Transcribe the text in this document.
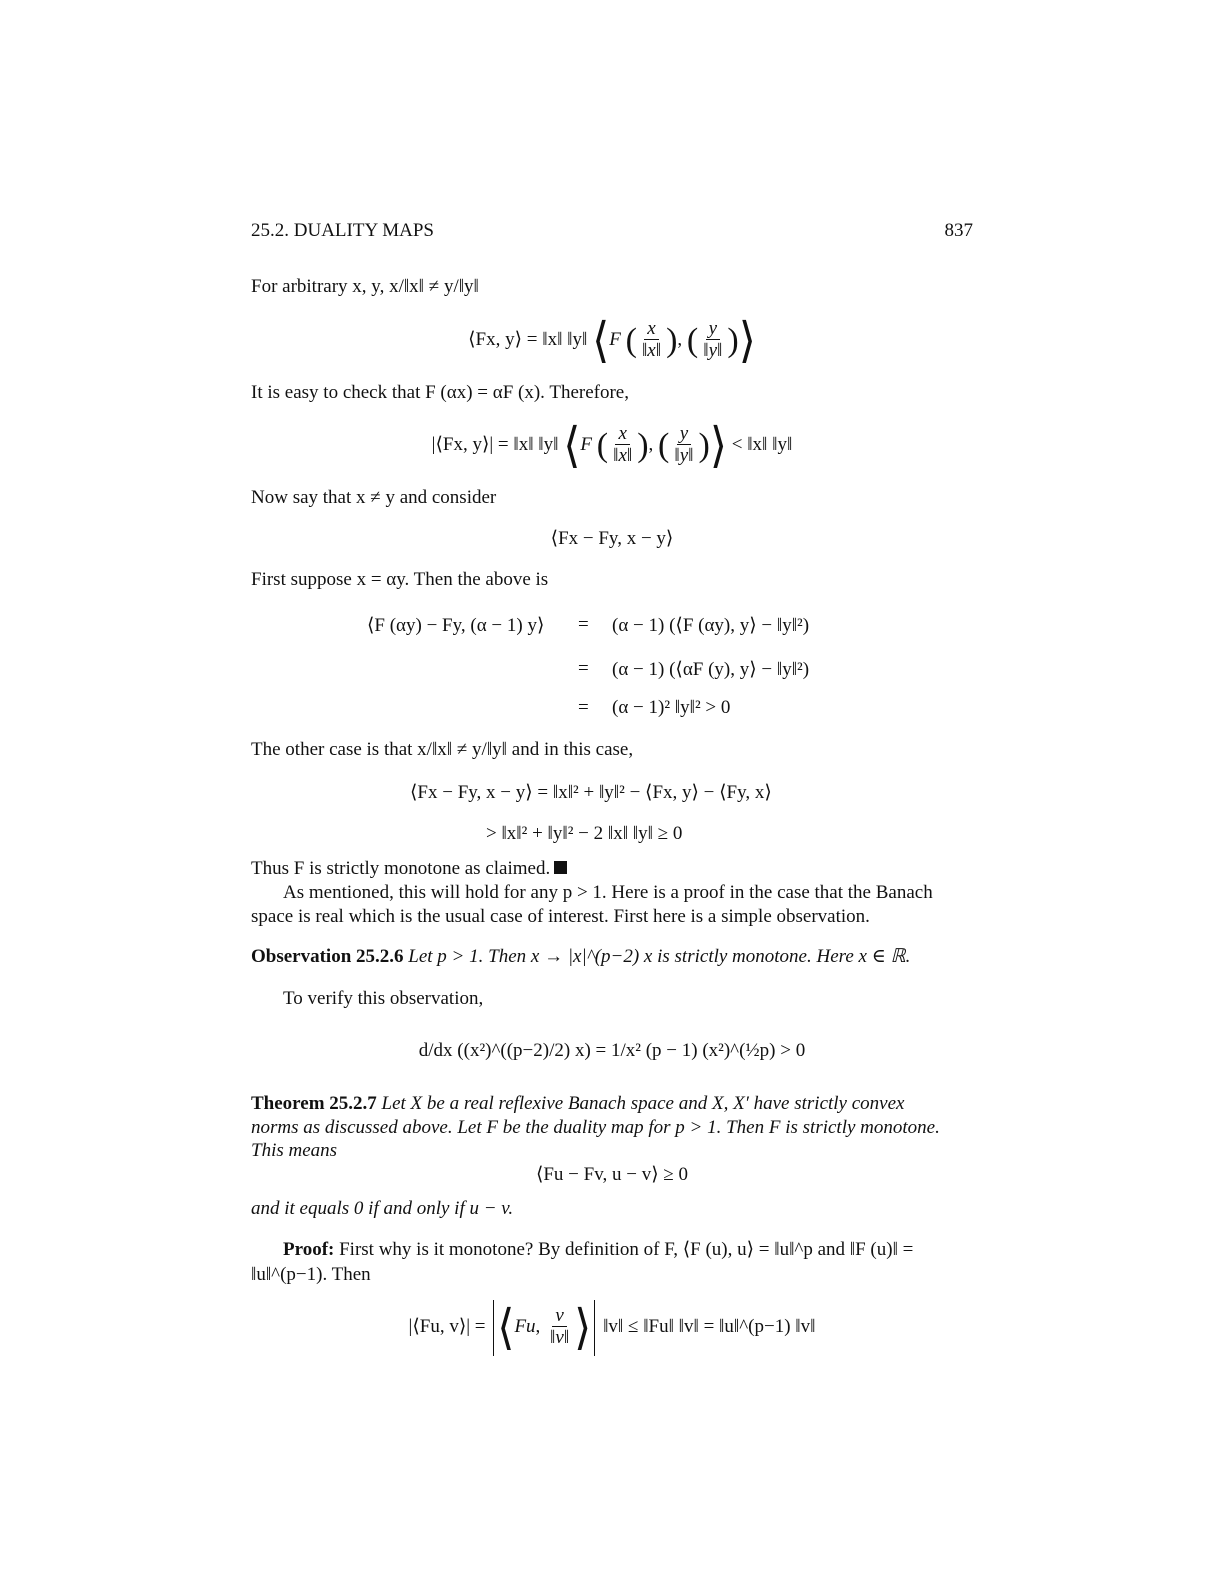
25.2. DUALITY MAPS	837
For arbitrary x, y, x/‖x‖ ≠ y/‖y‖
⟨Fx, y⟩ = ‖x‖ ‖y‖ ⟨F ( $\frac{x}{‖x‖}$ ), ( $\frac{y}{‖y‖}$ )⟩
It is easy to check that F (αx) = αF (x). Therefore,
|⟨Fx, y⟩| = ‖x‖ ‖y‖ ⟨F ( $\frac{x}{‖x‖}$ ), ( $\frac{y}{‖y‖}$ )⟩ < ‖x‖ ‖y‖
Now say that x ≠ y and consider
⟨Fx − Fy, x − y⟩
First suppose x = αy. Then the above is
⟨F (αy) − Fy, (α − 1) y⟩ = (α − 1) (⟨F (αy), y⟩ − ‖y‖²)
= (α − 1) (⟨αF (y), y⟩ − ‖y‖²)
= (α − 1)² ‖y‖² > 0
The other case is that x/‖x‖ ≠ y/‖y‖ and in this case,
⟨Fx − Fy, x − y⟩ = ‖x‖² + ‖y‖² − ⟨Fx, y⟩ − ⟨Fy, x⟩
> ‖x‖² + ‖y‖² − 2 ‖x‖ ‖y‖ ≥ 0
Thus F is strictly monotone as claimed.
As mentioned, this will hold for any p > 1. Here is a proof in the case that the Banach
space is real which is the usual case of interest. First here is a simple observation.
Observation 25.2.6 Let p > 1. Then x → |x|^(p−2) x is strictly monotone. Here x ∈ ℝ.
To verify this observation,
d/dx ((x²)^((p−2)/2) x) = 1/x² (p − 1) (x²)^(½p) > 0
Theorem 25.2.7 Let X be a real reflexive Banach space and X, X′ have strictly convex
norms as discussed above. Let F be the duality map for p > 1. Then F is strictly monotone.
This means
⟨Fu − Fv, u − v⟩ ≥ 0
and it equals 0 if and only if u − v.
Proof: First why is it monotone? By definition of F, ⟨F (u), u⟩ = ‖u‖^p and ‖F (u)‖ =
‖u‖^(p−1). Then
|⟨Fu, v⟩| = ⟨Fu, $\frac{v}{‖v‖}$ ⟩ ‖v‖ ≤ ‖Fu‖ ‖v‖ = ‖u‖^(p−1) ‖v‖
